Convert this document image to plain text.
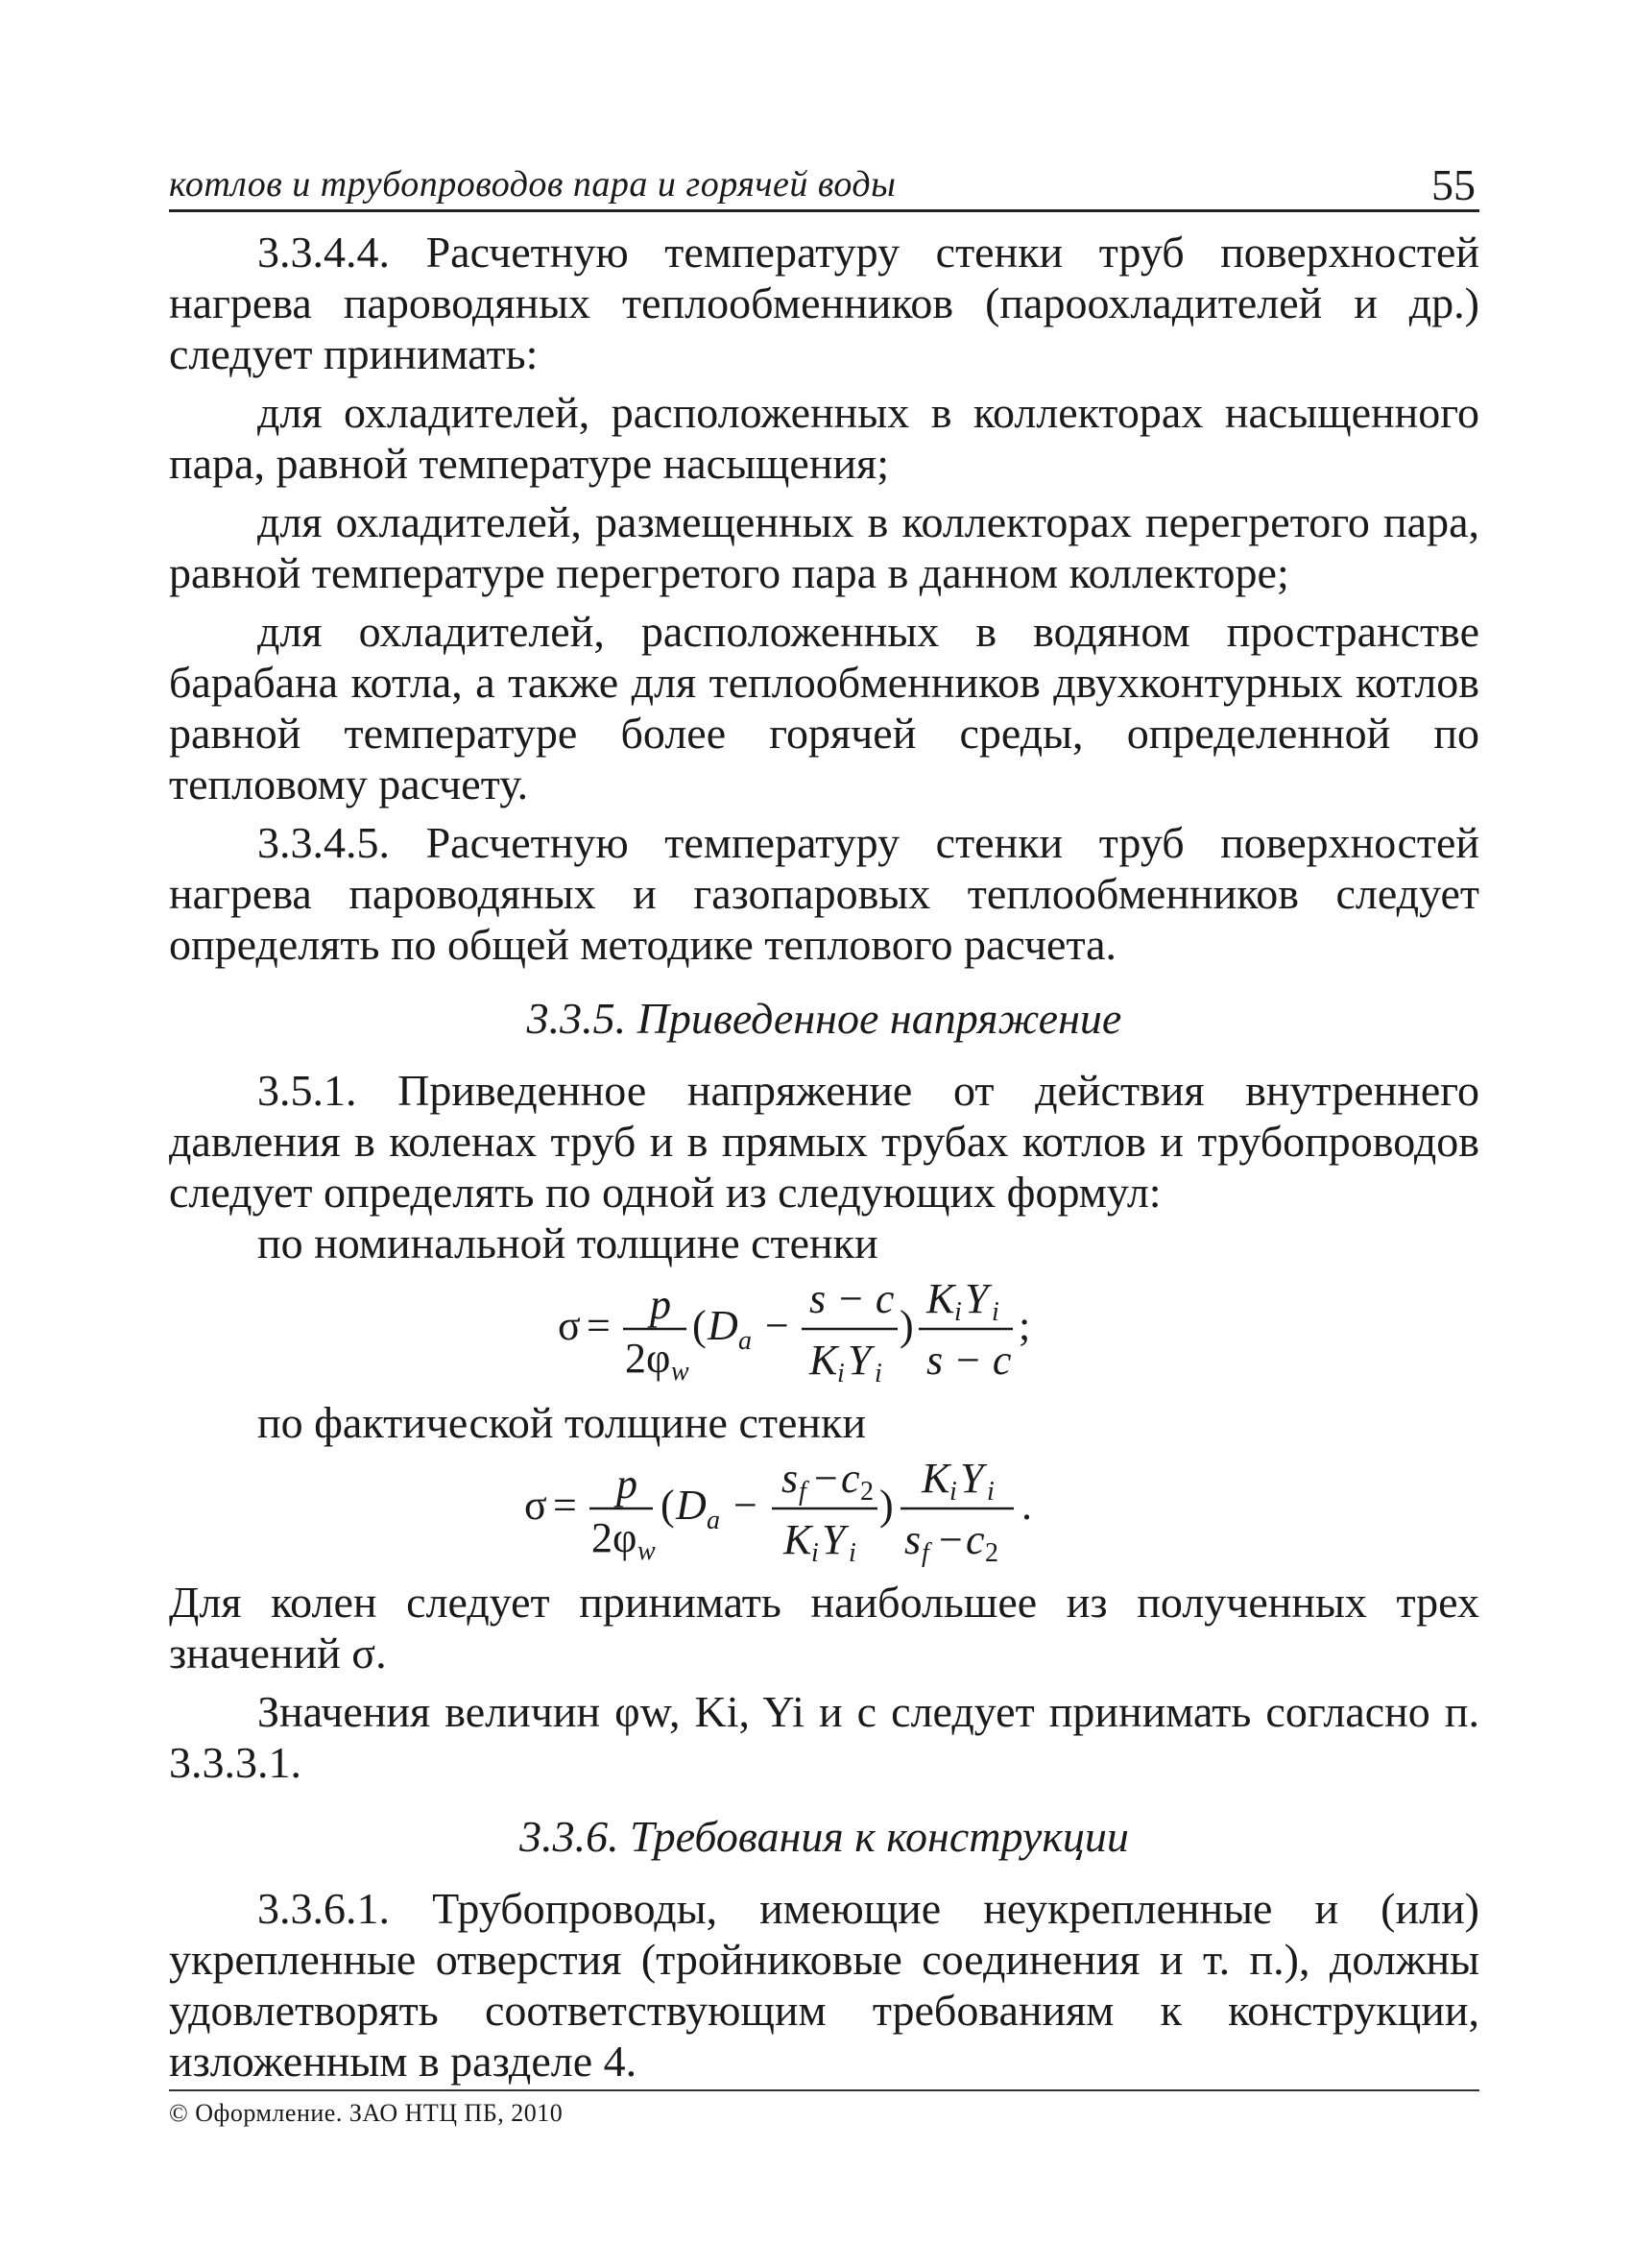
котлов и трубопроводов пара и горячей воды	55

3.3.4.4. Расчетную температуру стенки труб поверхностей нагрева пароводяных теплообменников (пароохладителей и др.) следует принимать:

для охладителей, расположенных в коллекторах насыщенного пара, равной температуре насыщения;

для охладителей, размещенных в коллекторах перегретого пара, равной температуре перегретого пара в данном коллекторе;

для охладителей, расположенных в водяном пространстве барабана котла, а также для теплообменников двухконтурных котлов равной температуре более горячей среды, определенной по тепловому расчету.

3.3.4.5. Расчетную температуру стенки труб поверхностей нагрева пароводяных и газопаровых теплообменников следует определять по общей методике теплового расчета.

3.3.5. Приведенное напряжение

3.5.1. Приведенное напряжение от действия внутреннего давления в коленах труб и в прямых трубах котлов и трубопроводов следует определять по одной из следующих формул:

по номинальной толщине стенки

σ = p
2φ w
( D a −
s − c
K i Y i
)
K i Y i
s − c
;

по фактической толщине стенки

σ = p
2φ w
( D a −
s f − c 2
K i Y i
)
K i Y i
s f − c 2
.

Для колен следует принимать наибольшее из полученных трех значений σ.

Значения величин φw, Ki, Yi и c следует принимать согласно п. 3.3.3.1.

3.3.6. Требования к конструкции

3.3.6.1. Трубопроводы, имеющие неукрепленные и (или) укрепленные отверстия (тройниковые соединения и т. п.), должны удовлетворять соответствующим требованиям к конструкции, изложенным в разделе 4.

© Оформление. ЗАО НТЦ ПБ, 2010
